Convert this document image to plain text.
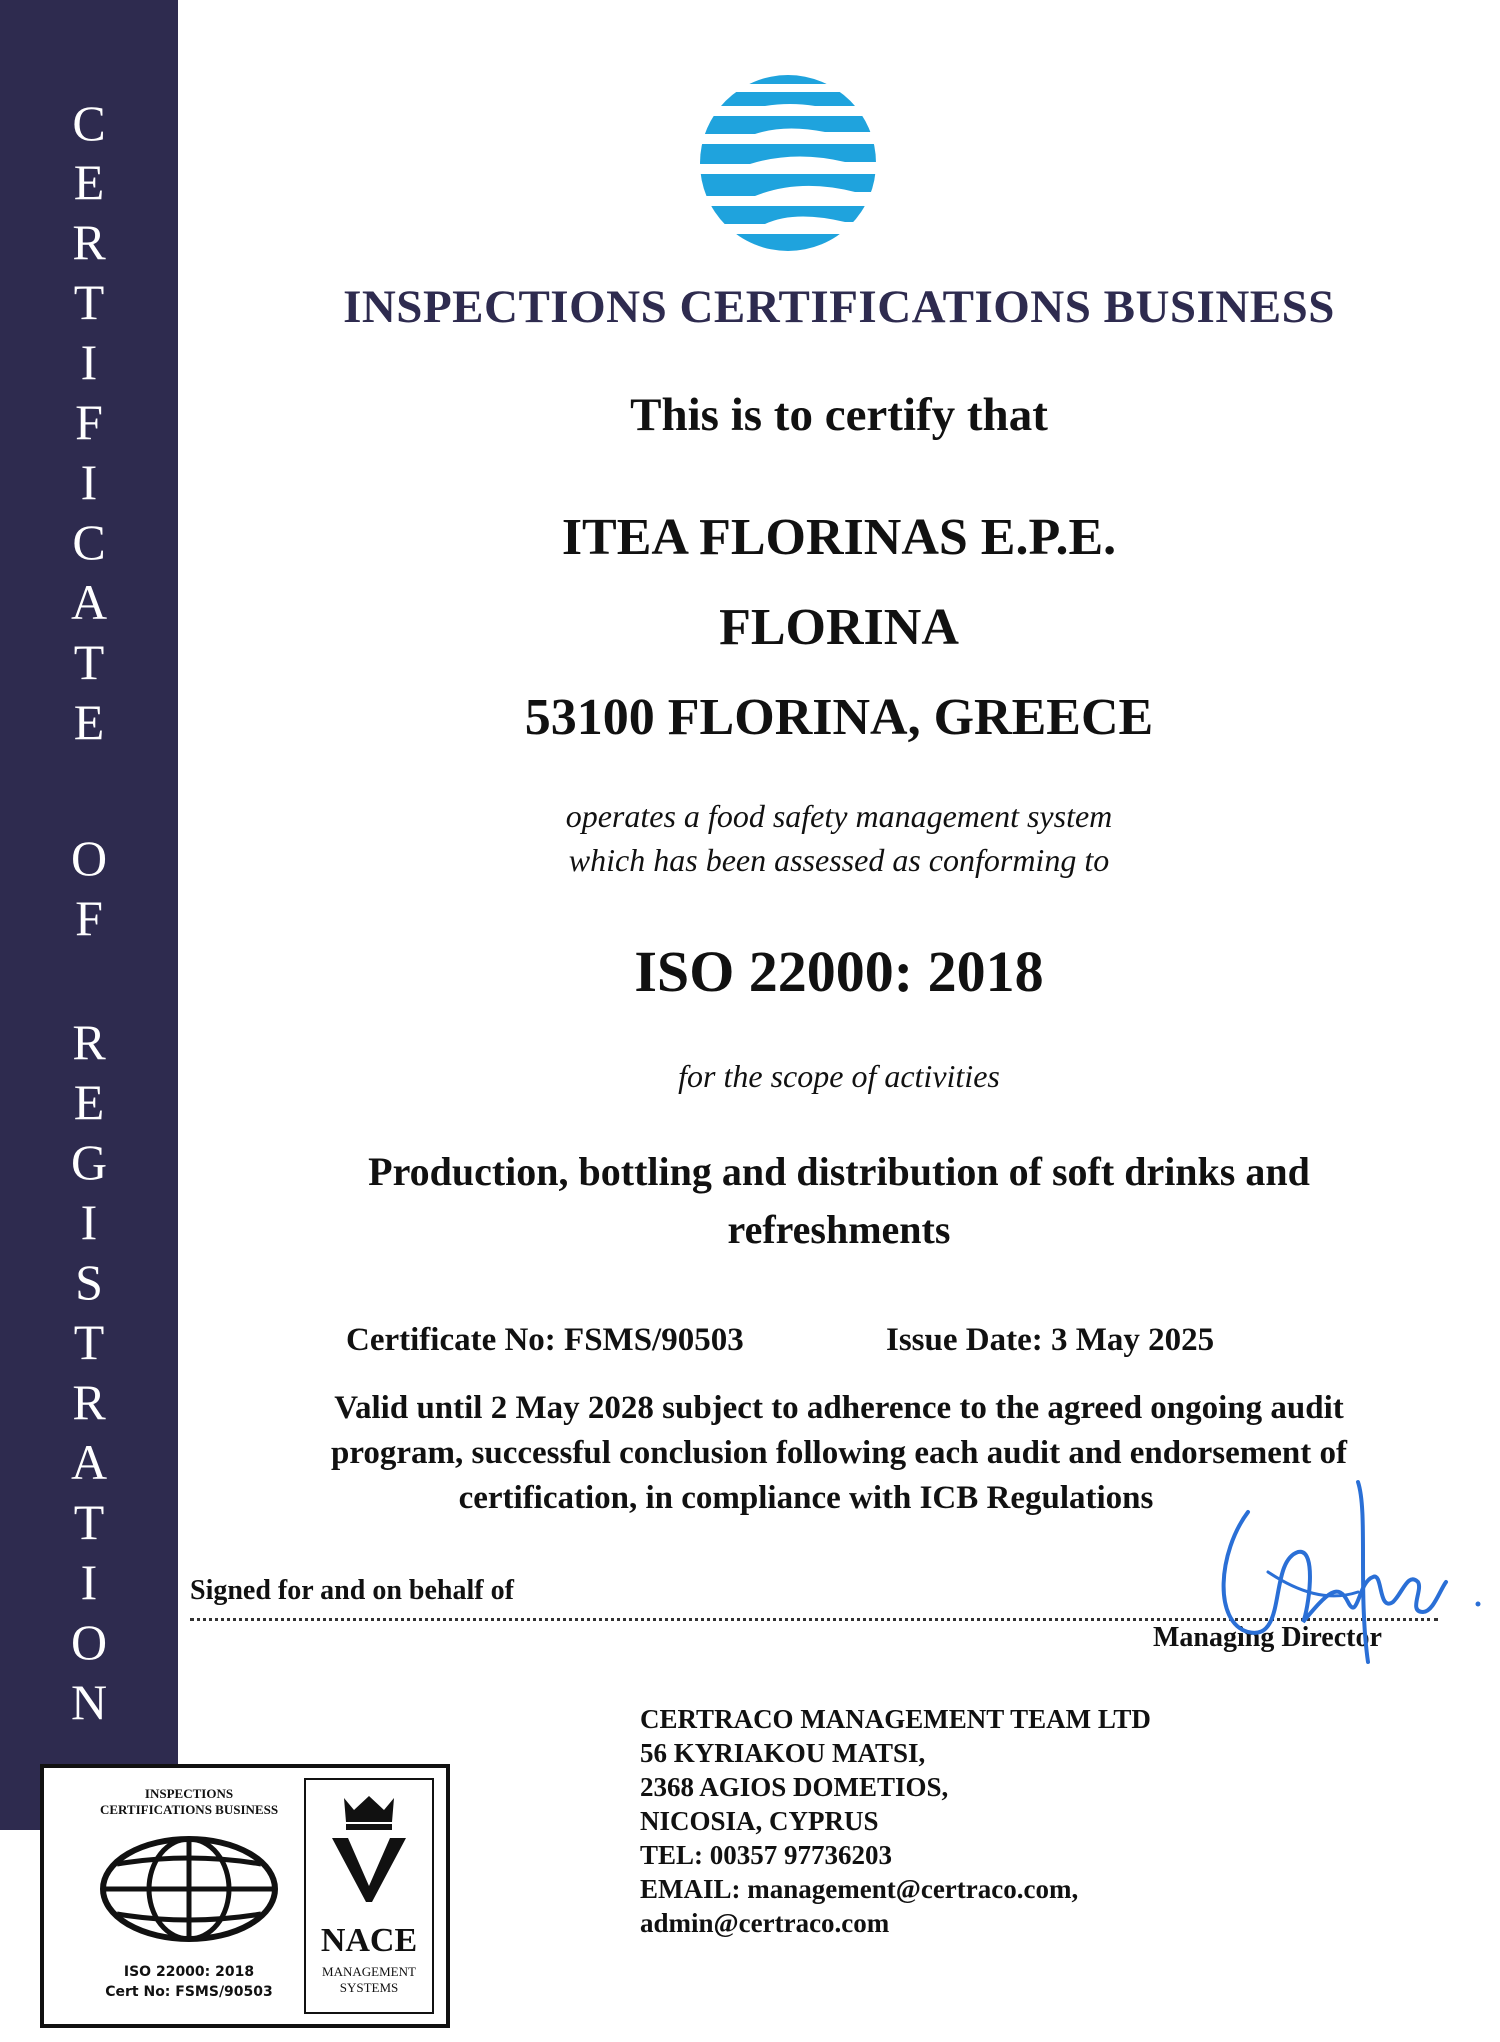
C
E
R
T
I
F
I
C
A
T
E
O
F
R
E
G
I
S
T
R
A
T
I
O
N
INSPECTIONS CERTIFICATIONS BUSINESS
This is to certify that
ITEA FLORINAS E.P.E.
FLORINA
53100 FLORINA, GREECE
operates a food safety management system
which has been assessed as conforming to
ISO 22000: 2018
for the scope of activities
Production, bottling and distribution of soft drinks and
refreshments
Certificate No: FSMS/90503	Issue Date: 3 May 2025
Valid until 2 May 2028 subject to adherence to the agreed ongoing audit
program, successful conclusion following each audit and endorsement of
certification, in compliance with ICB Regulations
Signed for and on behalf of
Managing Director
CERTRACO MANAGEMENT TEAM LTD
56 KYRIAKOU MATSI,
2368 AGIOS DOMETIOS,
NICOSIA, CYPRUS
TEL: 00357 97736203
EMAIL: management@certraco.com,
admin@certraco.com
INSPECTIONS
CERTIFICATIONS BUSINESS
ISO 22000: 2018
Cert No: FSMS/90503
NACE
MANAGEMENT
SYSTEMS
